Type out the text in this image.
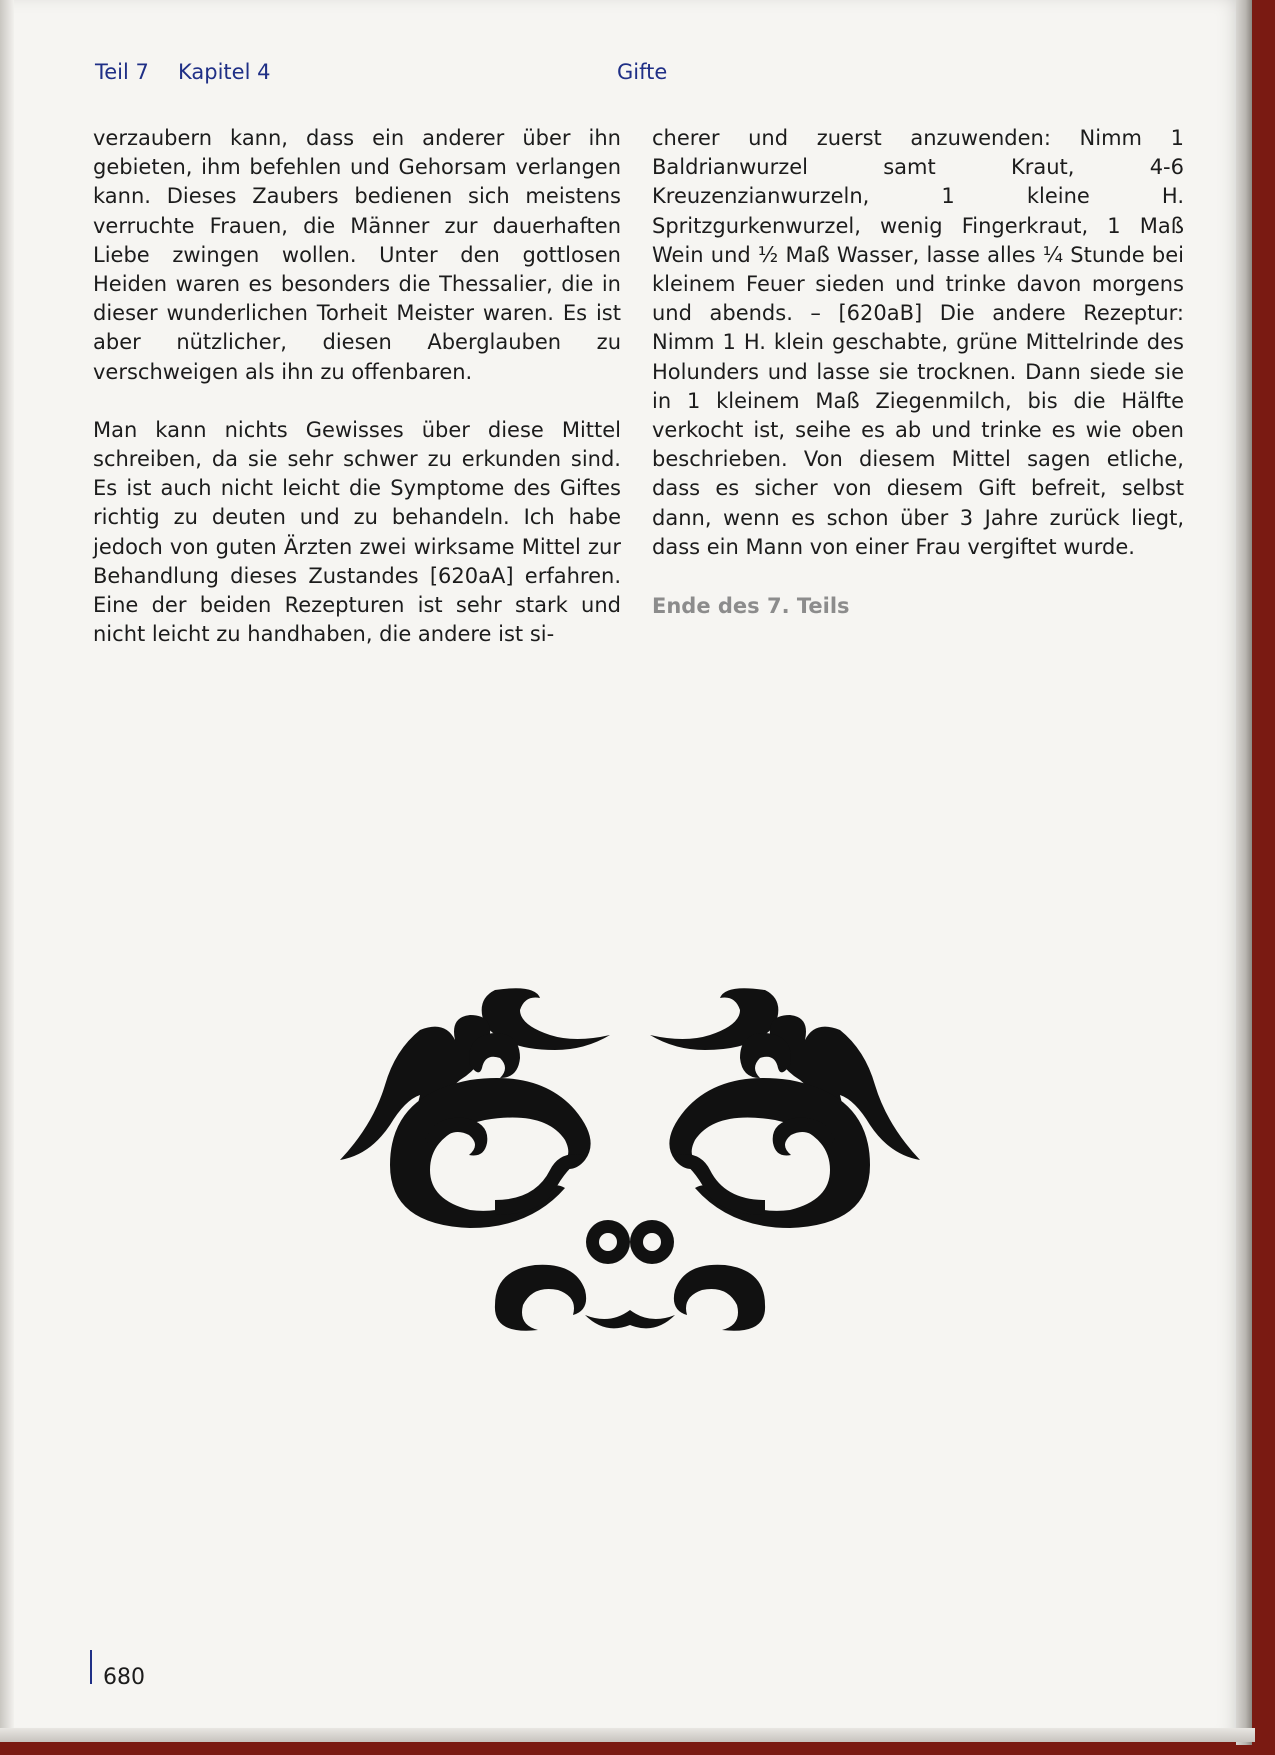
Teil 7 Kapitel 4	Gifte

verzaubern kann, dass ein anderer über ihn gebieten, ihm befehlen und Gehorsam verlangen kann. Dieses Zaubers bedienen sich meistens verruchte Frauen, die Männer zur dauerhaften Liebe zwingen wollen. Unter den gottlosen Heiden waren es besonders die Thessalier, die in dieser wunderlichen Torheit Meister waren. Es ist aber nützlicher, diesen Aberglauben zu verschweigen als ihn zu offenbaren.

Man kann nichts Gewisses über diese Mittel schreiben, da sie sehr schwer zu erkunden sind. Es ist auch nicht leicht die Symptome des Giftes richtig zu deuten und zu behandeln. Ich habe jedoch von guten Ärzten zwei wirksame Mittel zur Behandlung dieses Zustandes [620aA] erfahren. Eine der beiden Rezepturen ist sehr stark und nicht leicht zu handhaben, die andere ist si-

cherer und zuerst anzuwenden: Nimm 1 Baldrianwurzel samt Kraut, 4-6 Kreuzenzianwurzeln, 1 kleine H. Spritzgurkenwurzel, wenig Fingerkraut, 1 Maß Wein und ½ Maß Wasser, lasse alles ¼ Stunde bei kleinem Feuer sieden und trinke davon morgens und abends. – [620aB] Die andere Rezeptur: Nimm 1 H. klein geschabte, grüne Mittelrinde des Holunders und lasse sie trocknen. Dann siede sie in 1 kleinem Maß Ziegenmilch, bis die Hälfte verkocht ist, seihe es ab und trinke es wie oben beschrieben. Von diesem Mittel sagen etliche, dass es sicher von diesem Gift befreit, selbst dann, wenn es schon über 3 Jahre zurück liegt, dass ein Mann von einer Frau vergiftet wurde.

Ende des 7. Teils
680
